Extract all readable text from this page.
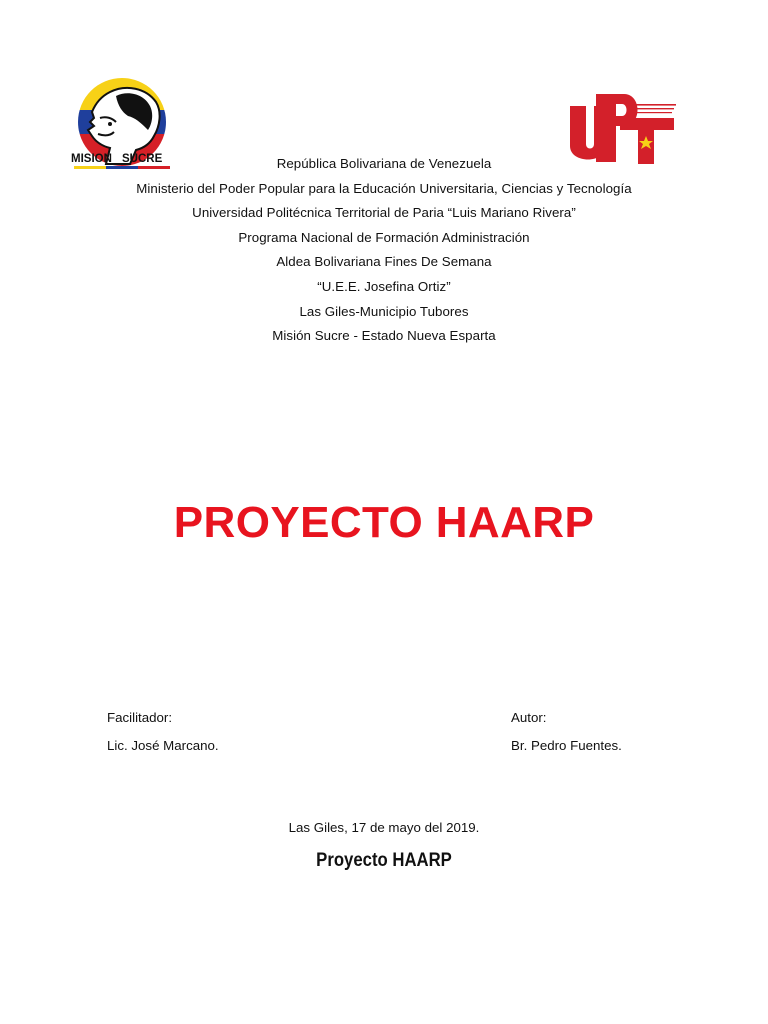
MISION SUCRE	República Bolivariana de Venezuela
Ministerio del Poder Popular para la Educación Universitaria, Ciencias y Tecnología
Universidad Politécnica Territorial de Paria “Luis Mariano Rivera”
Programa Nacional de Formación Administración
Aldea Bolivariana Fines De Semana
“U.E.E. Josefina Ortiz”
Las Giles-Municipio Tubores
Misión Sucre - Estado Nueva Esparta
PROYECTO HAARP
Facilitador:
Lic. José Marcano.
Autor:
Br. Pedro Fuentes.
Las Giles, 17 de mayo del 2019.
Proyecto HAARP
